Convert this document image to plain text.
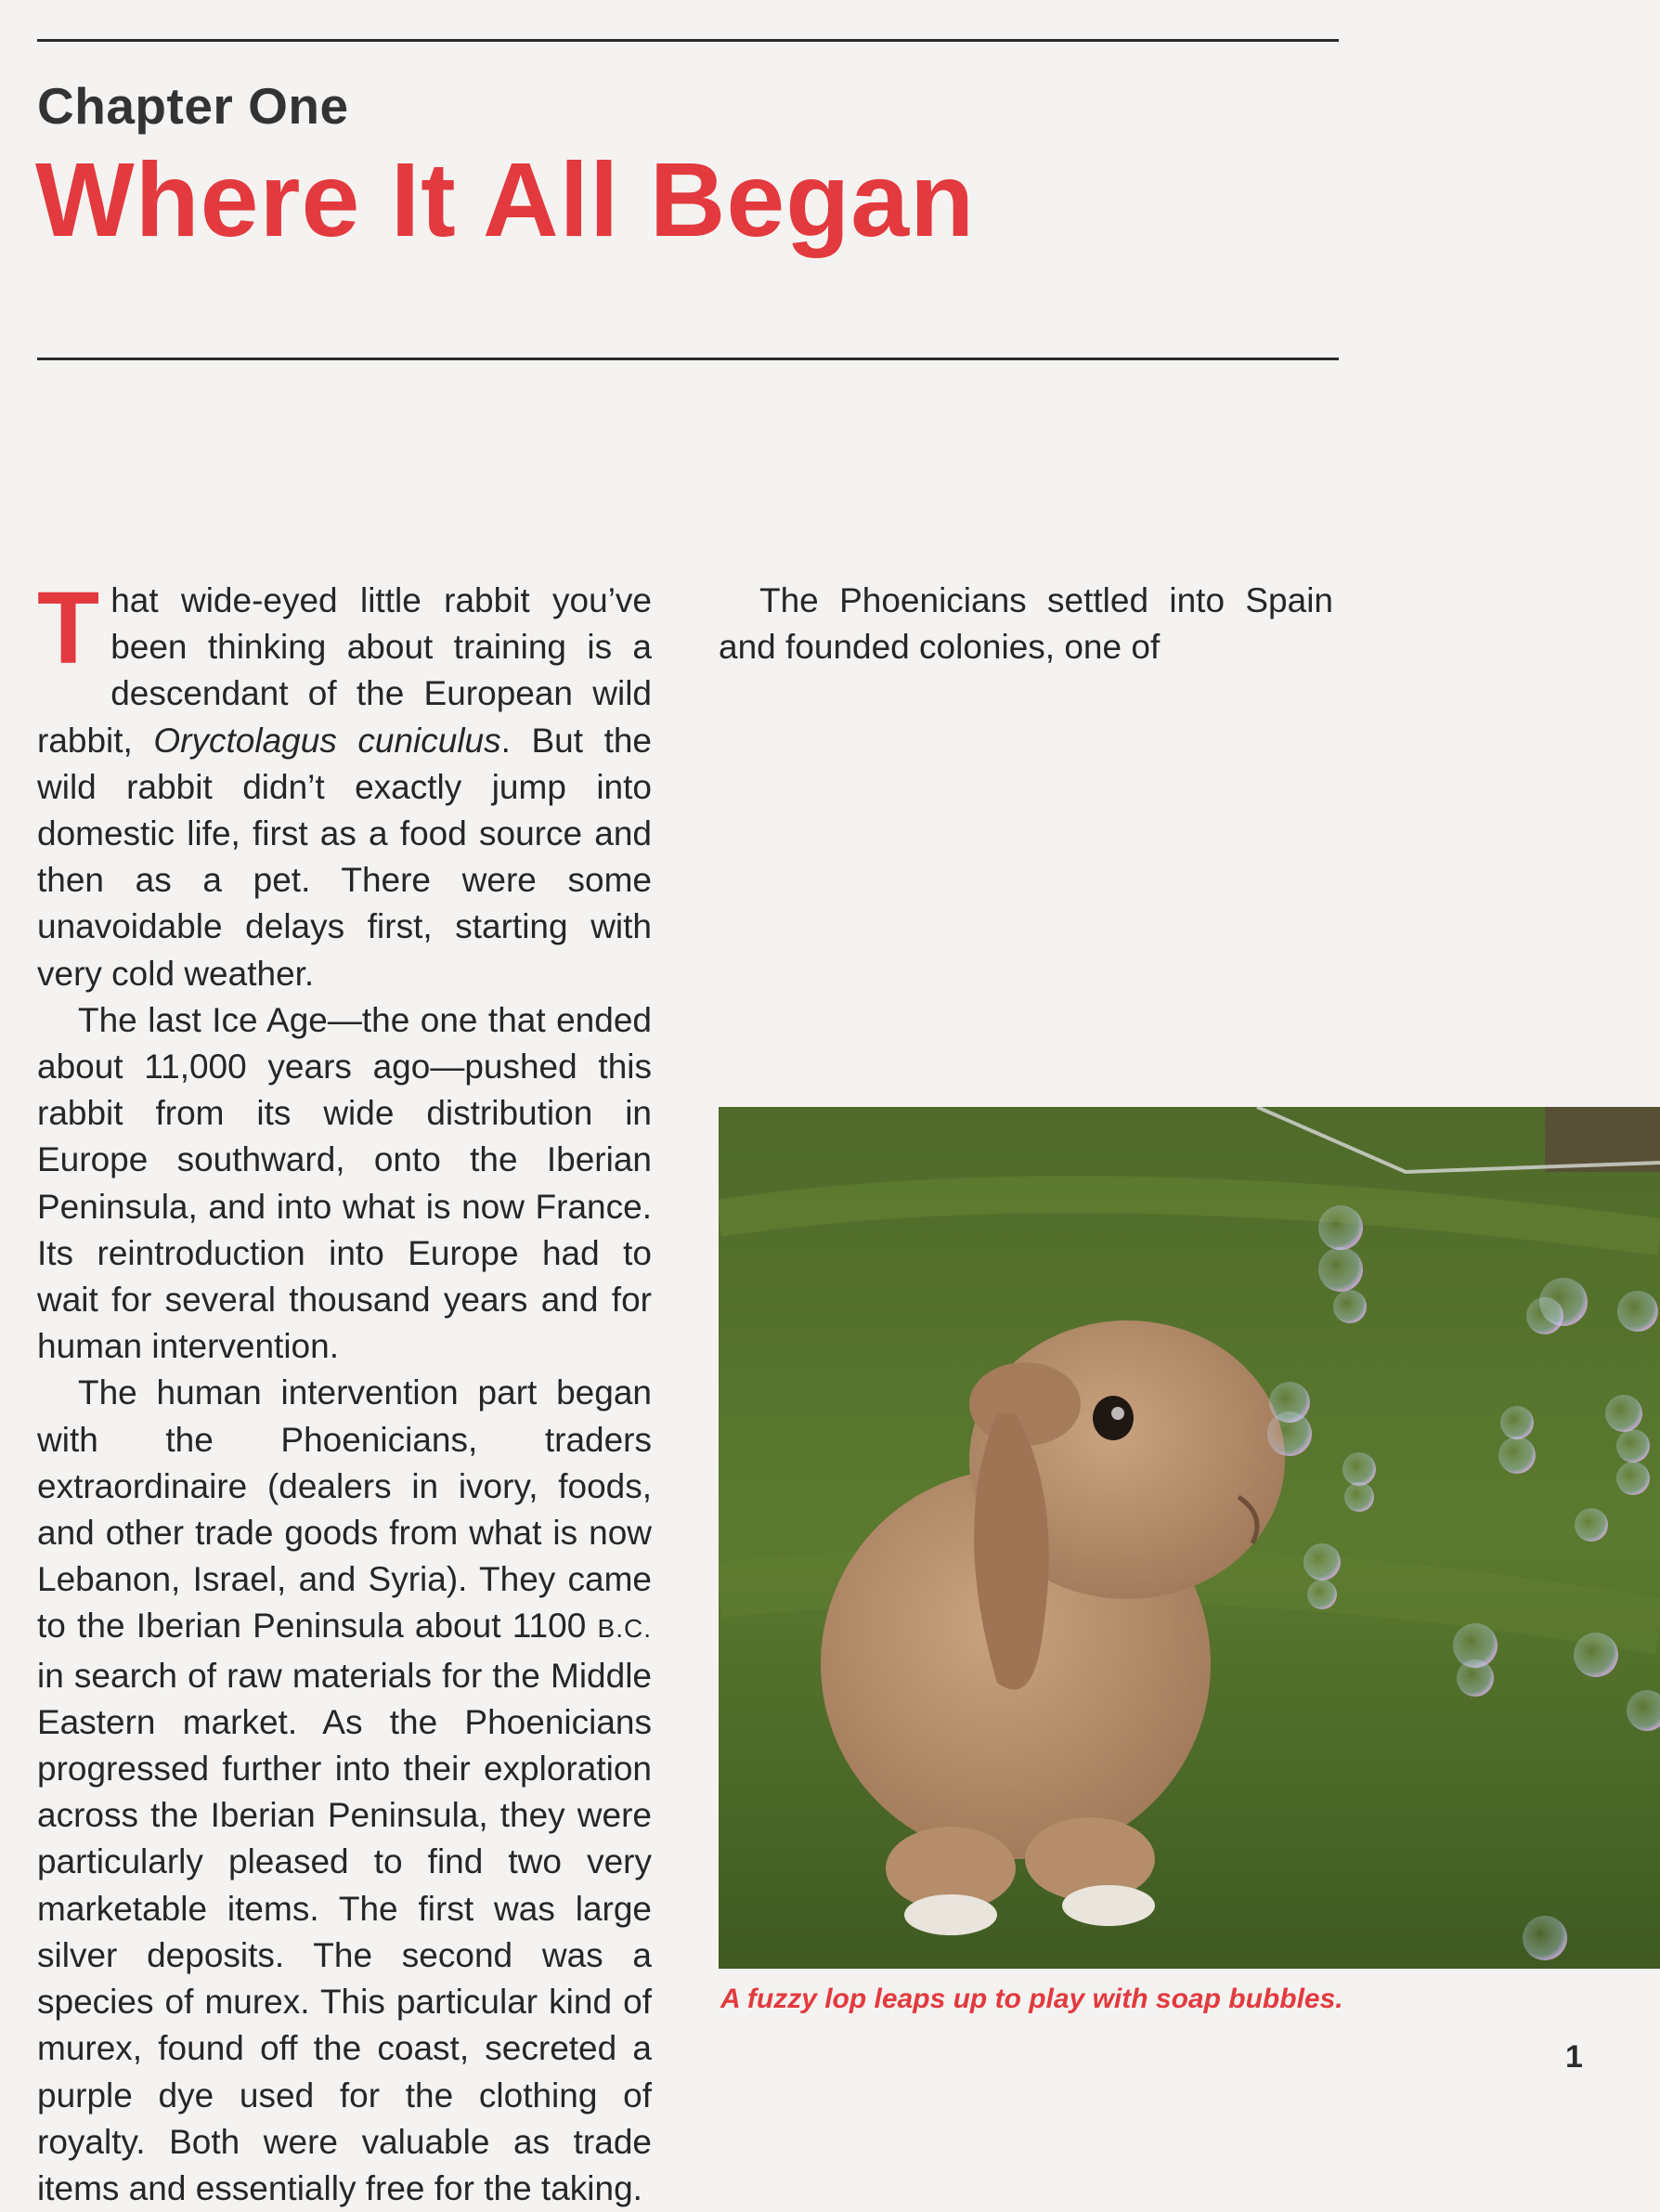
Chapter One
Where It All Began

That wide-eyed little rabbit you’ve been thinking about training is a descendant of the European wild rabbit, Oryctolagus cuniculus. But the wild rabbit didn’t exactly jump into domestic life, first as a food source and then as a pet. There were some unavoidable delays first, starting with very cold weather.

The last Ice Age—the one that ended about 11,000 years ago—pushed this rabbit from its wide distribution in Europe southward, onto the Iberian Peninsula, and into what is now France. Its reintroduction into Europe had to wait for several thousand years and for human intervention.

The human intervention part began with the Phoenicians, traders extraordinaire (dealers in ivory, foods, and other trade goods from what is now Lebanon, Israel, and Syria). They came to the Iberian Peninsula about 1100 B.C. in search of raw materials for the Middle Eastern market. As the Phoenicians progressed further into their exploration across the Iberian Peninsula, they were particularly pleased to find two very marketable items. The first was large silver deposits. The second was a species of murex. This particular kind of murex, found off the coast, secreted a purple dye used for the clothing of royalty. Both were valuable as trade items and essentially free for the taking.

The Phoenicians settled into Spain and founded colonies, one of

A fuzzy lop leaps up to play with soap bubbles.
1
